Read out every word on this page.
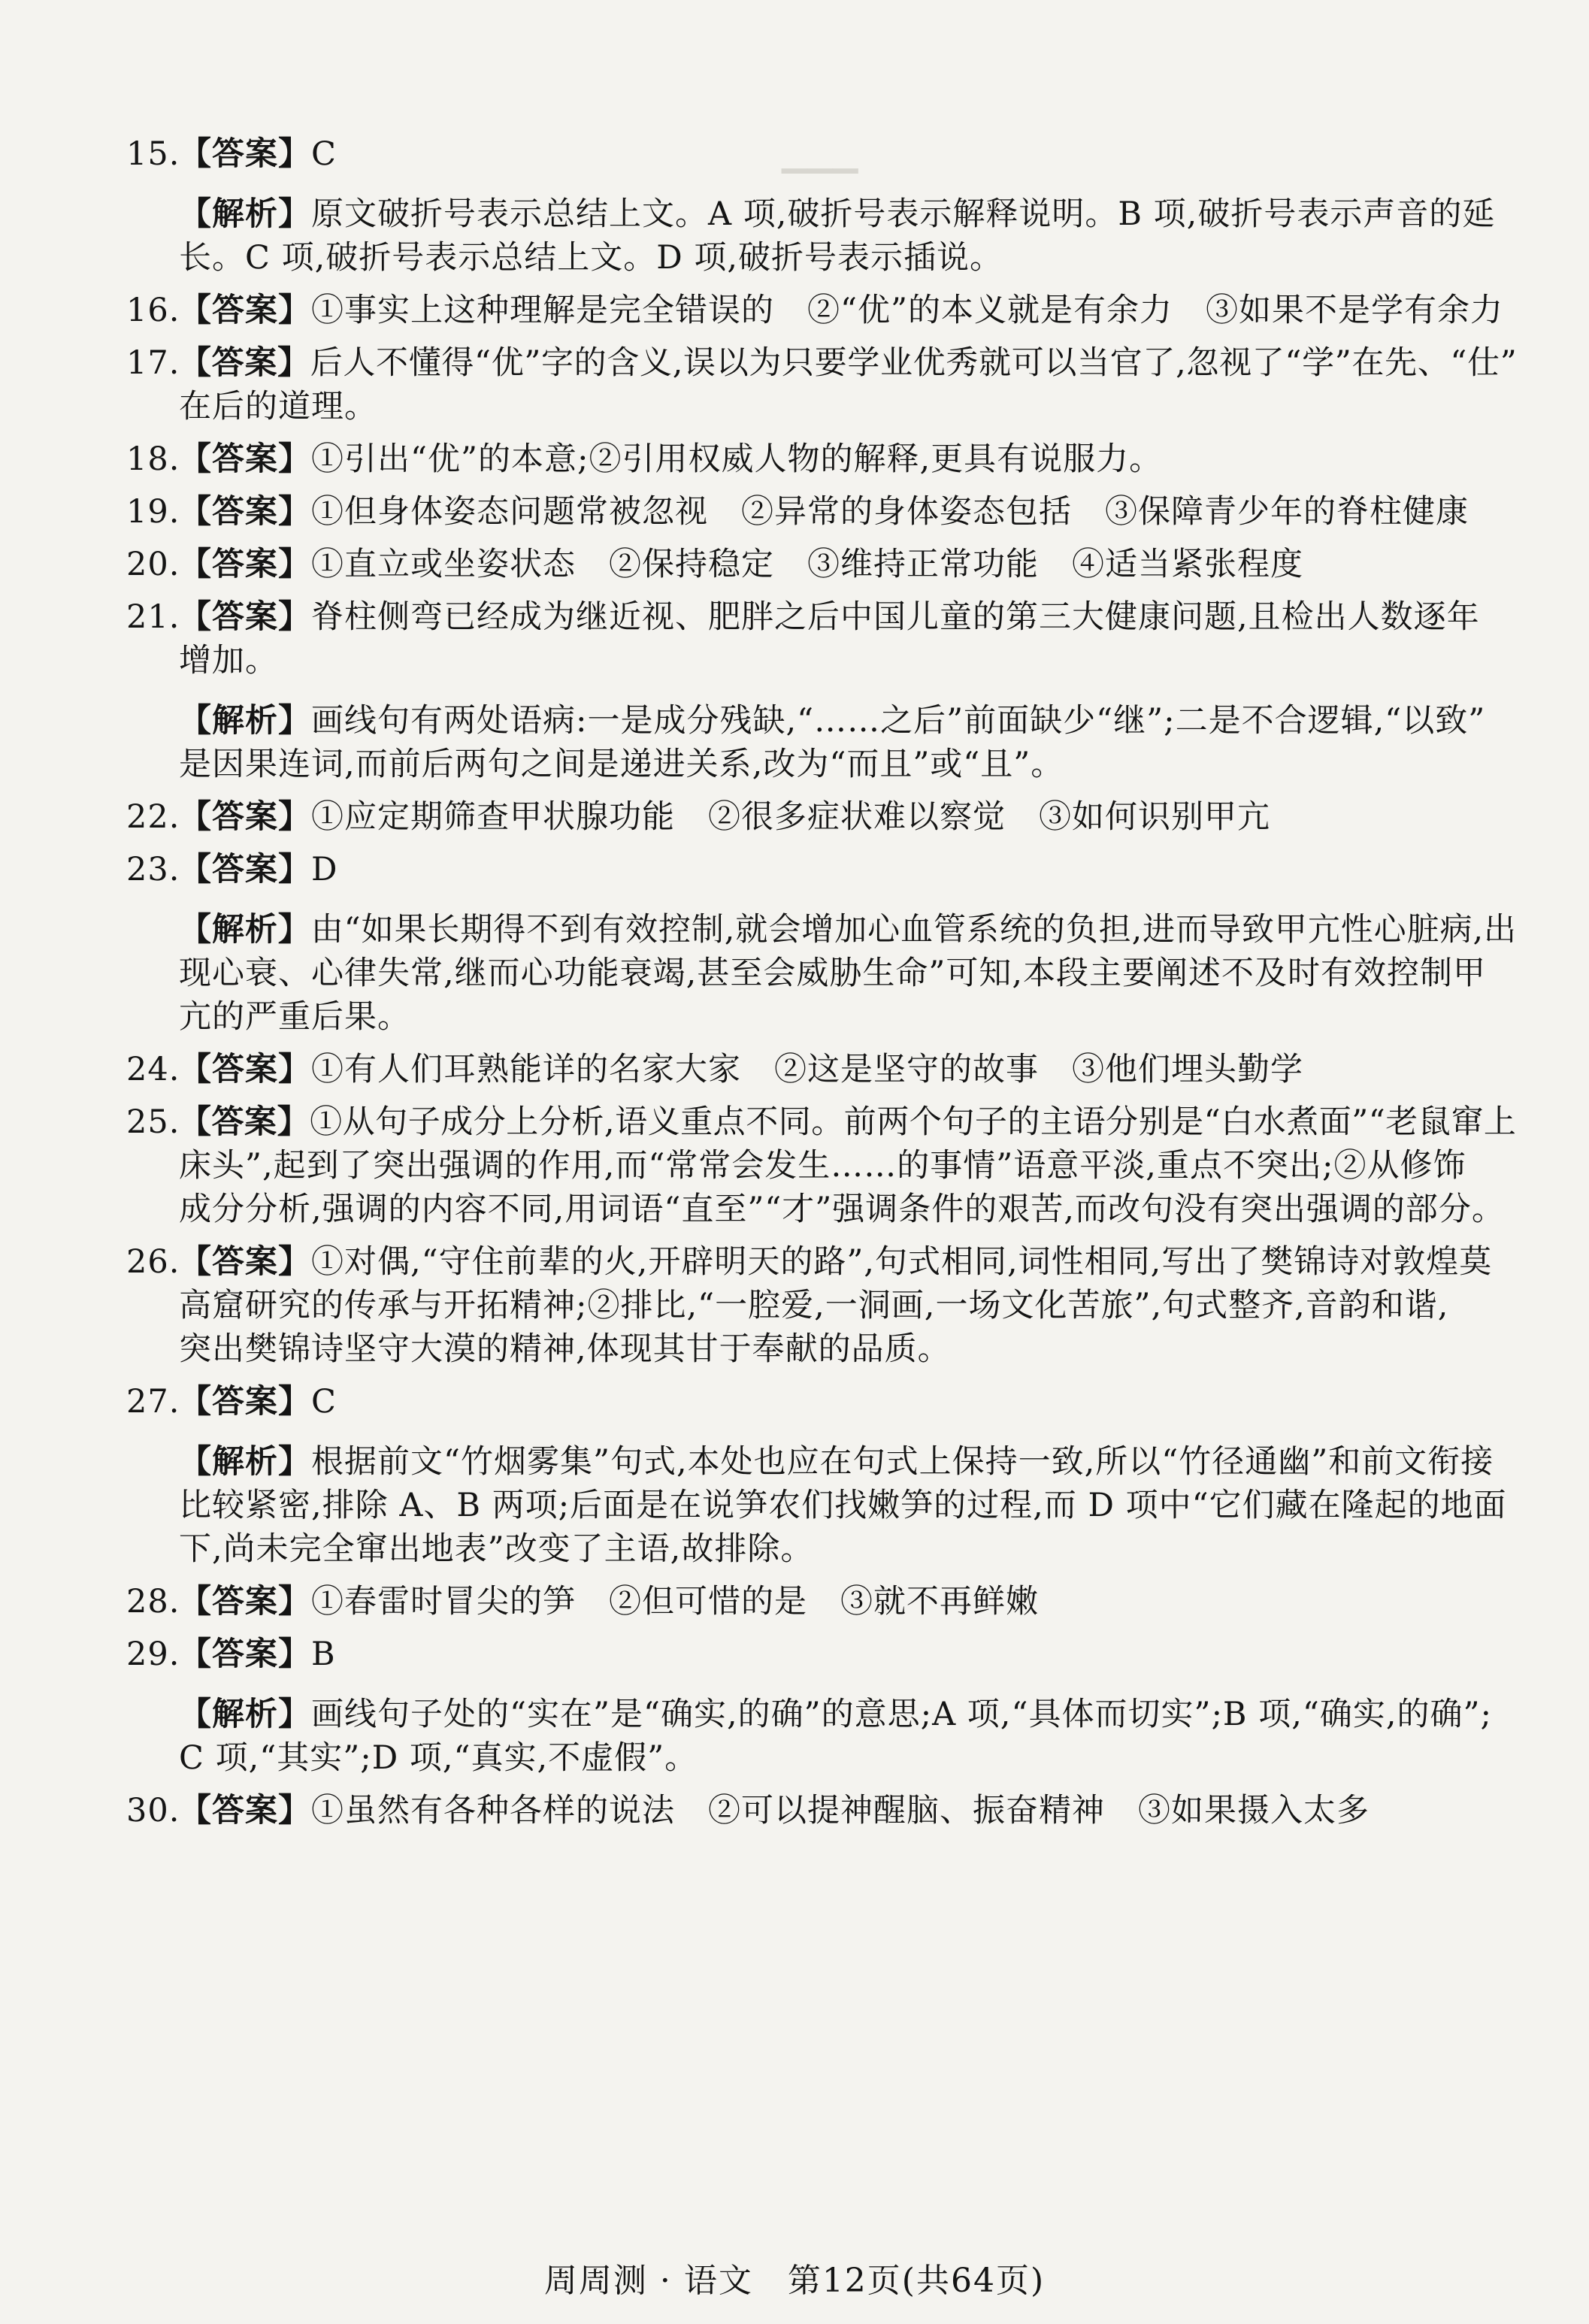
▁▁▁
15.
【答案】C
【解析】原文破折号表示总结上文。A 项,破折号表示解释说明。B 项,破折号表示声音的延
长。C 项,破折号表示总结上文。D 项,破折号表示插说。
16.
【答案】①事实上这种理解是完全错误的　②“优”的本义就是有余力　③如果不是学有余力
17.
【答案】后人不懂得“优”字的含义,误以为只要学业优秀就可以当官了,忽视了“学”在先、“仕”
在后的道理。
18.
【答案】①引出“优”的本意;②引用权威人物的解释,更具有说服力。
19.
【答案】①但身体姿态问题常被忽视　②异常的身体姿态包括　③保障青少年的脊柱健康
20.
【答案】①直立或坐姿状态　②保持稳定　③维持正常功能　④适当紧张程度
21.
【答案】脊柱侧弯已经成为继近视、肥胖之后中国儿童的第三大健康问题,且检出人数逐年
增加。
【解析】画线句有两处语病:一是成分残缺,“……之后”前面缺少“继”;二是不合逻辑,“以致”
是因果连词,而前后两句之间是递进关系,改为“而且”或“且”。
22.
【答案】①应定期筛查甲状腺功能　②很多症状难以察觉　③如何识别甲亢
23.
【答案】D
【解析】由“如果长期得不到有效控制,就会增加心血管系统的负担,进而导致甲亢性心脏病,出
现心衰、心律失常,继而心功能衰竭,甚至会威胁生命”可知,本段主要阐述不及时有效控制甲
亢的严重后果。
24.
【答案】①有人们耳熟能详的名家大家　②这是坚守的故事　③他们埋头勤学
25.
【答案】①从句子成分上分析,语义重点不同。前两个句子的主语分别是“白水煮面”“老鼠窜上
床头”,起到了突出强调的作用,而“常常会发生……的事情”语意平淡,重点不突出;②从修饰
成分分析,强调的内容不同,用词语“直至”“才”强调条件的艰苦,而改句没有突出强调的部分。
26.
【答案】①对偶,“守住前辈的火,开辟明天的路”,句式相同,词性相同,写出了樊锦诗对敦煌莫
高窟研究的传承与开拓精神;②排比,“一腔爱,一洞画,一场文化苦旅”,句式整齐,音韵和谐,
突出樊锦诗坚守大漠的精神,体现其甘于奉献的品质。
27.
【答案】C
【解析】根据前文“竹烟雾集”句式,本处也应在句式上保持一致,所以“竹径通幽”和前文衔接
比较紧密,排除 A、B 两项;后面是在说笋农们找嫩笋的过程,而 D 项中“它们藏在隆起的地面
下,尚未完全窜出地表”改变了主语,故排除。
28.
【答案】①春雷时冒尖的笋　②但可惜的是　③就不再鲜嫩
29.
【答案】B
【解析】画线句子处的“实在”是“确实,的确”的意思;A 项,“具体而切实”;B 项,“确实,的确”;
C 项,“其实”;D 项,“真实,不虚假”。
30.
【答案】①虽然有各种各样的说法　②可以提神醒脑、振奋精神　③如果摄入太多
周周测 · 语文　第12页(共64页)
